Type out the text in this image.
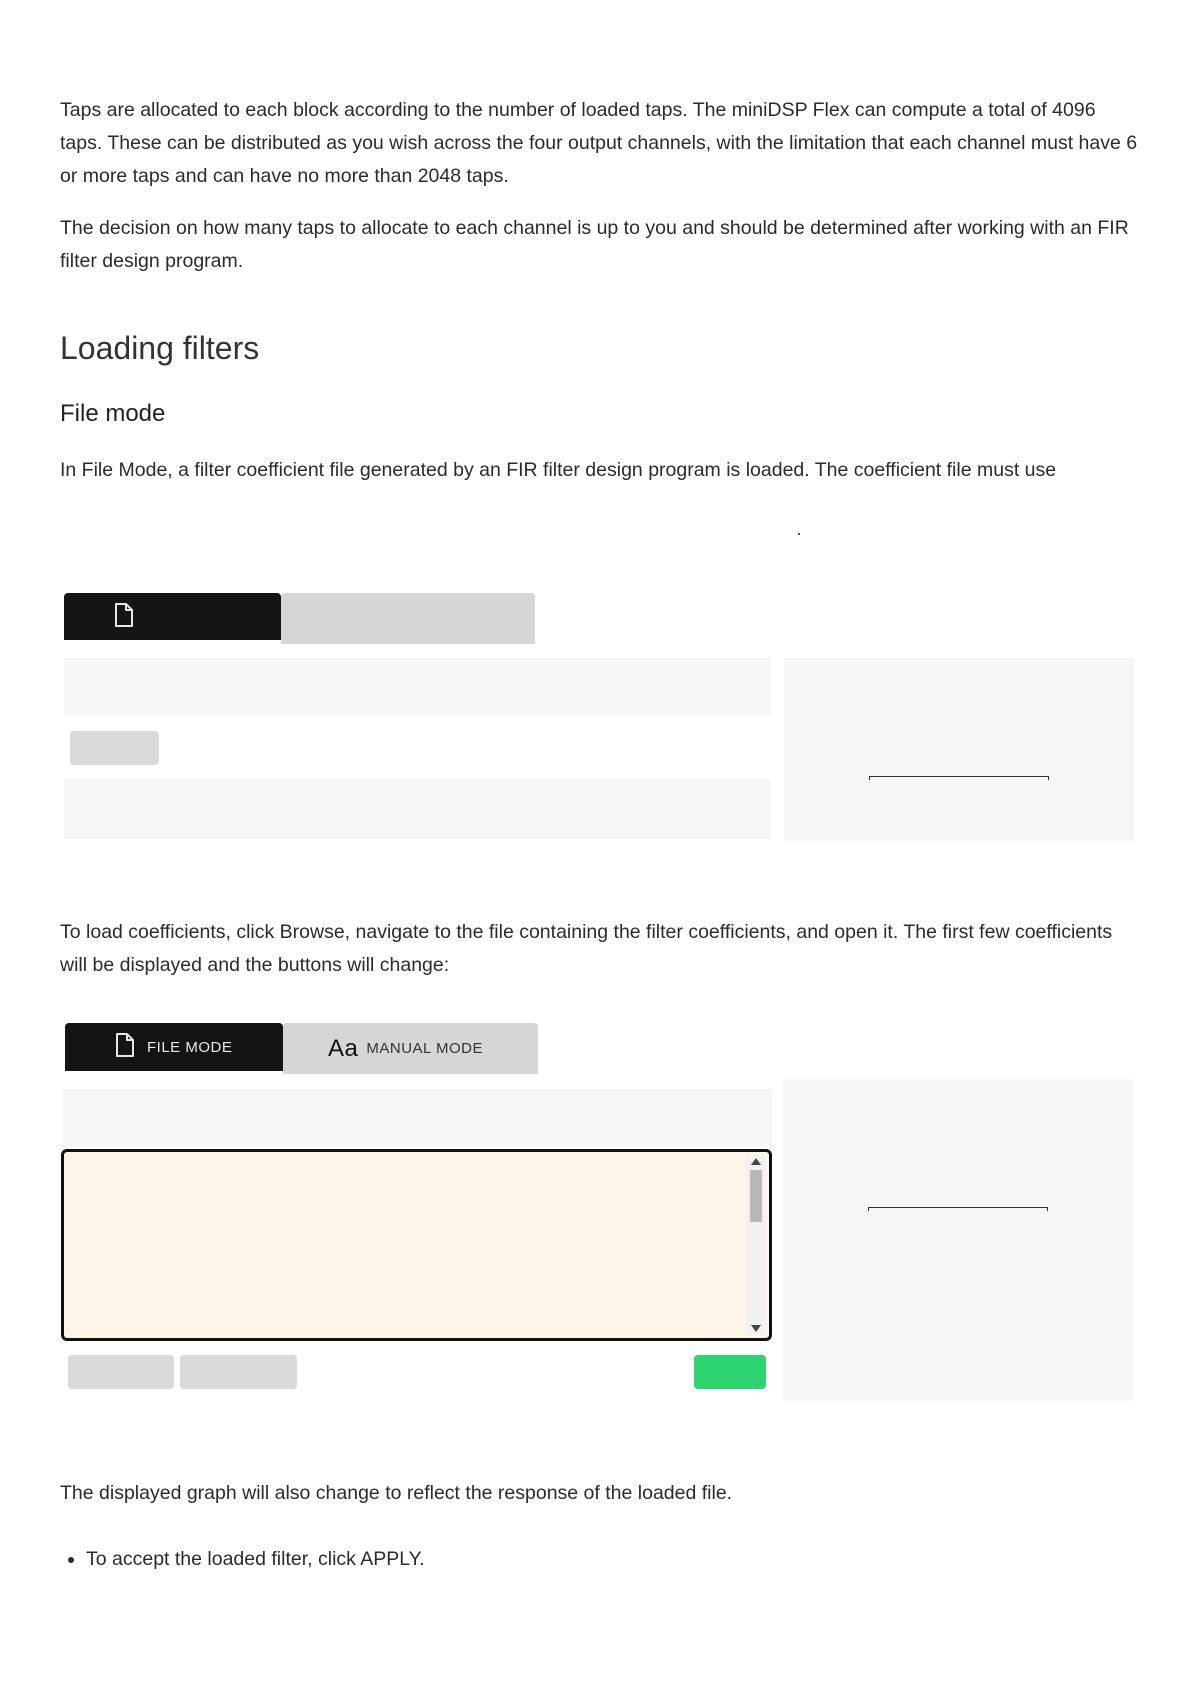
Taps are allocated to each block according to the number of loaded taps. The miniDSP Flex can compute a total of 4096 taps. These can be distributed as you wish across the four output channels, with the limitation that each channel must have 6 or more taps and can have no more than 2048 taps.

The decision on how many taps to allocate to each channel is up to you and should be determined after working with an FIR filter design program.

Loading filters
File mode

In File Mode, a filter coefficient file generated by an FIR filter design program is loaded. The coefficient file must use

To load coefficients, click Browse, navigate to the file containing the filter coefficients, and open it. The first few coefficients will be displayed and the buttons will change:

FILE MODE	Aa MANUAL MODE

The displayed graph will also change to reflect the response of the loaded file.

• To accept the loaded filter, click APPLY.
